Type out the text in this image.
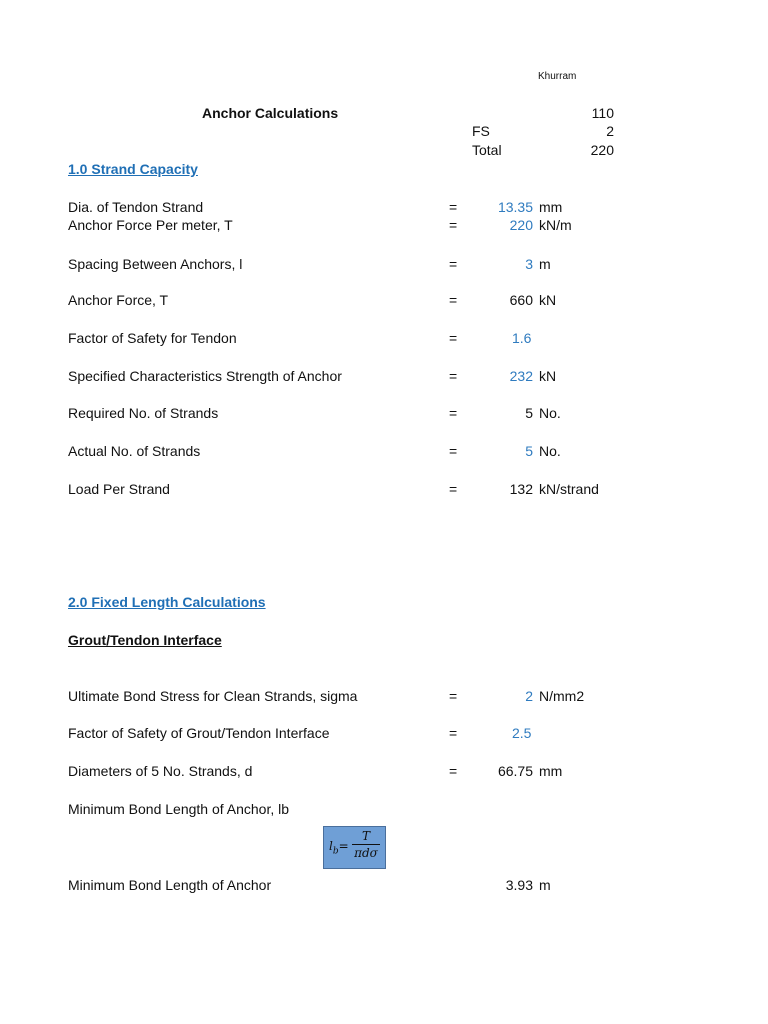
Khurram
Anchor Calculations	110
FS	2
Total	220
1.0 Strand Capacity
Dia. of Tendon Strand	=	13.35 mm
Anchor Force Per meter, T	=	220 kN/m
Spacing Between Anchors, l	=	3 m
Anchor Force, T	=	660 kN
Factor of Safety for Tendon	=	1.6
Specified Characteristics Strength of Anchor	=	232 kN
Required No. of Strands	=	5 No.
Actual No. of Strands	=	5 No.
Load Per Strand	=	132 kN/strand
2.0 Fixed Length Calculations
Grout/Tendon Interface
Ultimate Bond Stress for Clean Strands, sigma	=	2 N/mm2
Factor of Safety of Grout/Tendon Interface	=	2.5
Diameters of 5 No. Strands, d	=	66.75 mm
Minimum Bond Length of Anchor, lb
$l_b=$
T
πdσ
Minimum Bond Length of Anchor	3.93 m
